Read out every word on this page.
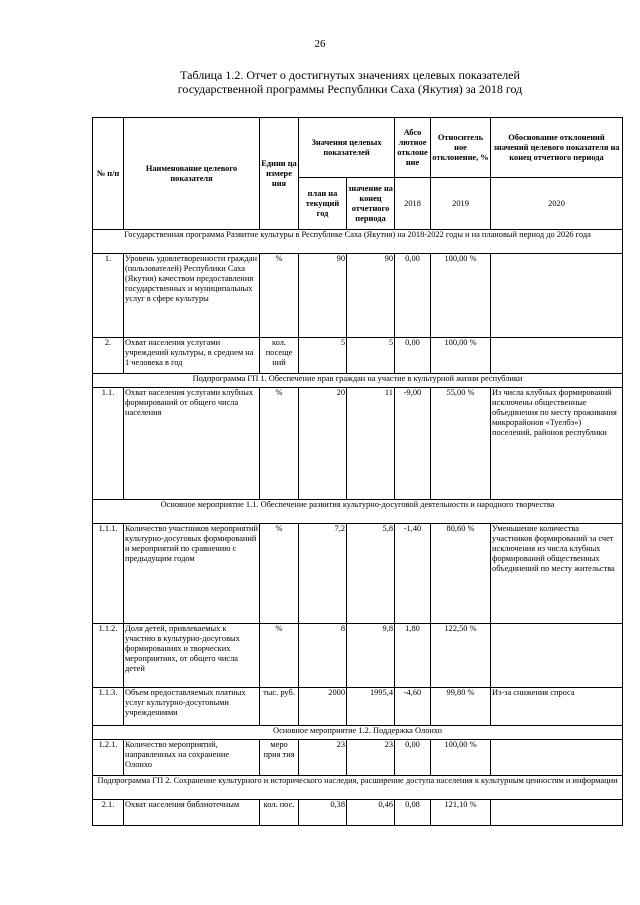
26
Таблица 1.2. Отчет о достигнутых значениях целевых показателей
государственной программы Республики Саха (Якутия) за 2018 год
№ п/п	Наименование целевого показателя	Едини ца измере ния	Значения целевых показателей		Абсо лютное отклоне ние	Относитель ное отклонение, %	Обоснование отклонений значений целевого показателя на конец отчетного периода
			план на текущий год	значение на конец отчетного периода	2018	2019	2020
Государственная программа Развитие культуры в Республике Саха (Якутия) на 2018-2022 годы и на плановый период до 2026 года							
1.	Уровень удовлетворенности граждан (пользователей) Республики Саха (Якутия) качеством предоставления государственных и муниципальных услуг в сфере культуры	%	90	90	0,00	100,00 %	
2.	Охват населения услугами учреждений культуры, в среднем на 1 человека в год	кол. посеще ний	5	5	0,00	100,00 %	
Подпрограмма ГП 1. Обеспечение прав граждан на участие в культурной жизни республики							
1.1.	Охват населения услугами клубных формирований от общего числа населения	%	20	11	-9,00	55,00 %	Из числа клубных формирований исключены общественные объединения по месту проживания микрорайонов «Туелбэ») поселений, районов республики
Основное мероприятие 1.1. Обеспечение развития культурно-досуговой деятельности и народного творчества							
1.1.1.	Количество участников мероприятий культурно-досуговых формирований и мероприятий по сравнению с предыдущим годом	%	7,2	5,8	-1,40	80,60 %	Уменьшение количества участников формирований за счет исключения из числа клубных формирований общественных объединений по месту жительства
1.1.2.	Доля детей, привлекаемых к участию в культурно-досуговых формированиях и творческих мероприятиях, от общего числа детей	%	8	9,8	1,80	122,50 %	
1.1.3.	Объем предоставляемых платных услуг культурно-досуговыми учреждениями	тыс. руб.	2000	1995,4	-4,60	99,80 %	Из-за снижения спроса
Основное мероприятие 1.2. Поддержка Олонхо							
1.2.1.	Количество мероприятий, направленных на сохранение Олонхо	меро прия тия	23	23	0,00	100,00 %	
Подпрограмма ГП 2. Сохранение культурного и исторического наследия, расширение доступа населения к культурным ценностям и информации							
2.1.	Охват населения библиотечным	кол. пос.	0,38	0,46	0,08	121,10 %	
